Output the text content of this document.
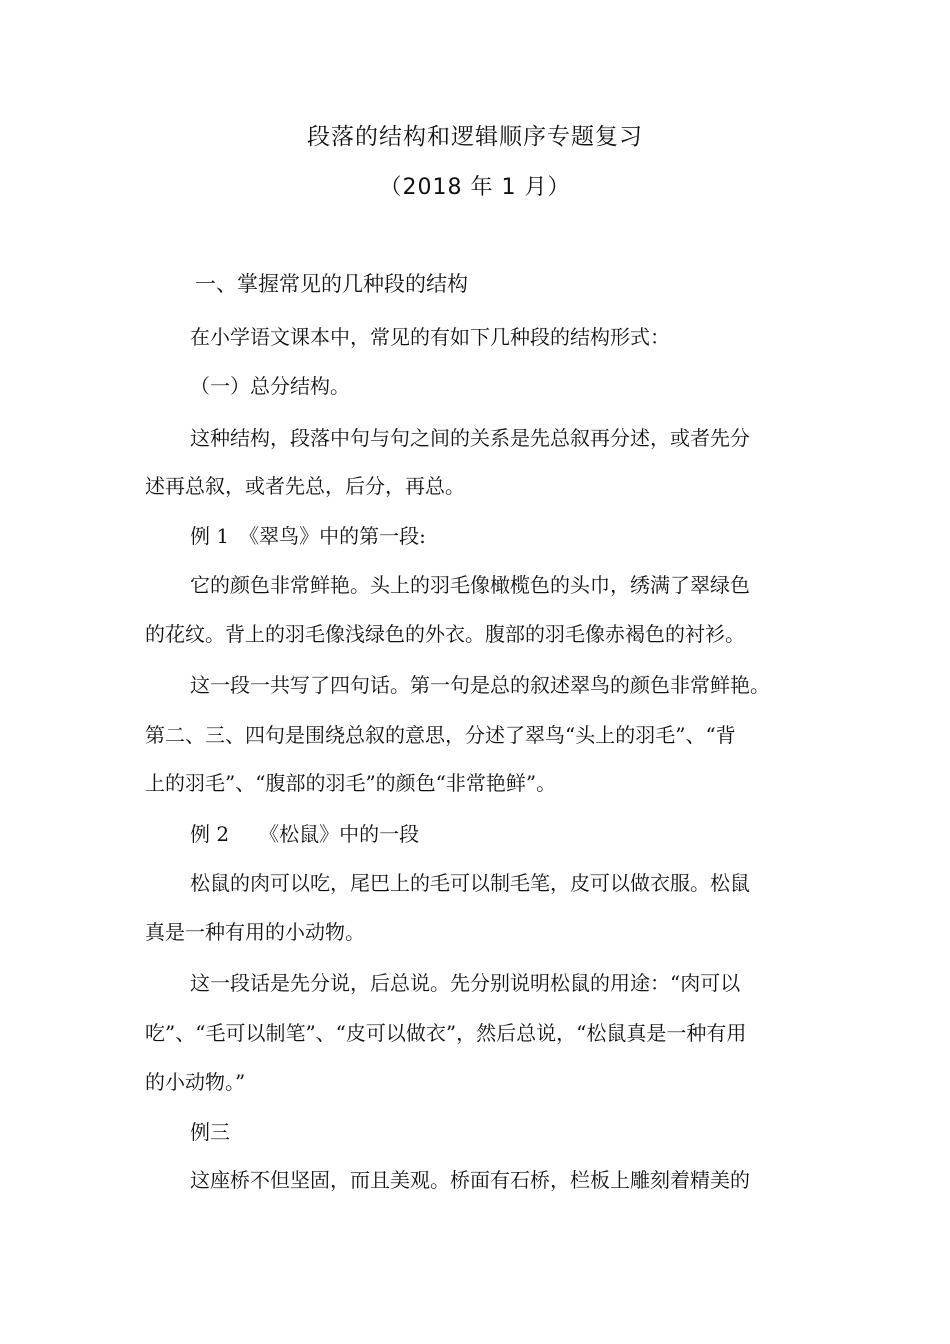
段落的结构和逻辑顺序专题复习
（2018 年 1 月）
一、掌握常见的几种段的结构
在小学语文课本中，常见的有如下几种段的结构形式：
（一）总分结构。
这种结构，段落中句与句之间的关系是先总叙再分述，或者先分
述再总叙，或者先总，后分，再总。
例 1　《翠鸟》中的第一段:
它的颜色非常鲜艳。头上的羽毛像橄榄色的头巾，绣满了翠绿色
的花纹。背上的羽毛像浅绿色的外衣。腹部的羽毛像赤褐色的衬衫。
这一段一共写了四句话。第一句是总的叙述翠鸟的颜色非常鲜艳。
第二、三、四句是围绕总叙的意思，分述了翠鸟“头上的羽毛”、“背
上的羽毛”、“腹部的羽毛”的颜色“非常艳鲜”。
例 2　　《松鼠》中的一段
松鼠的肉可以吃，尾巴上的毛可以制毛笔，皮可以做衣服。松鼠
真是一种有用的小动物。
这一段话是先分说，后总说。先分别说明松鼠的用途：“肉可以
吃”、“毛可以制笔”、“皮可以做衣”，然后总说，“松鼠真是一种有用
的小动物。”
例三
这座桥不但坚固，而且美观。桥面有石桥，栏板上雕刻着精美的
